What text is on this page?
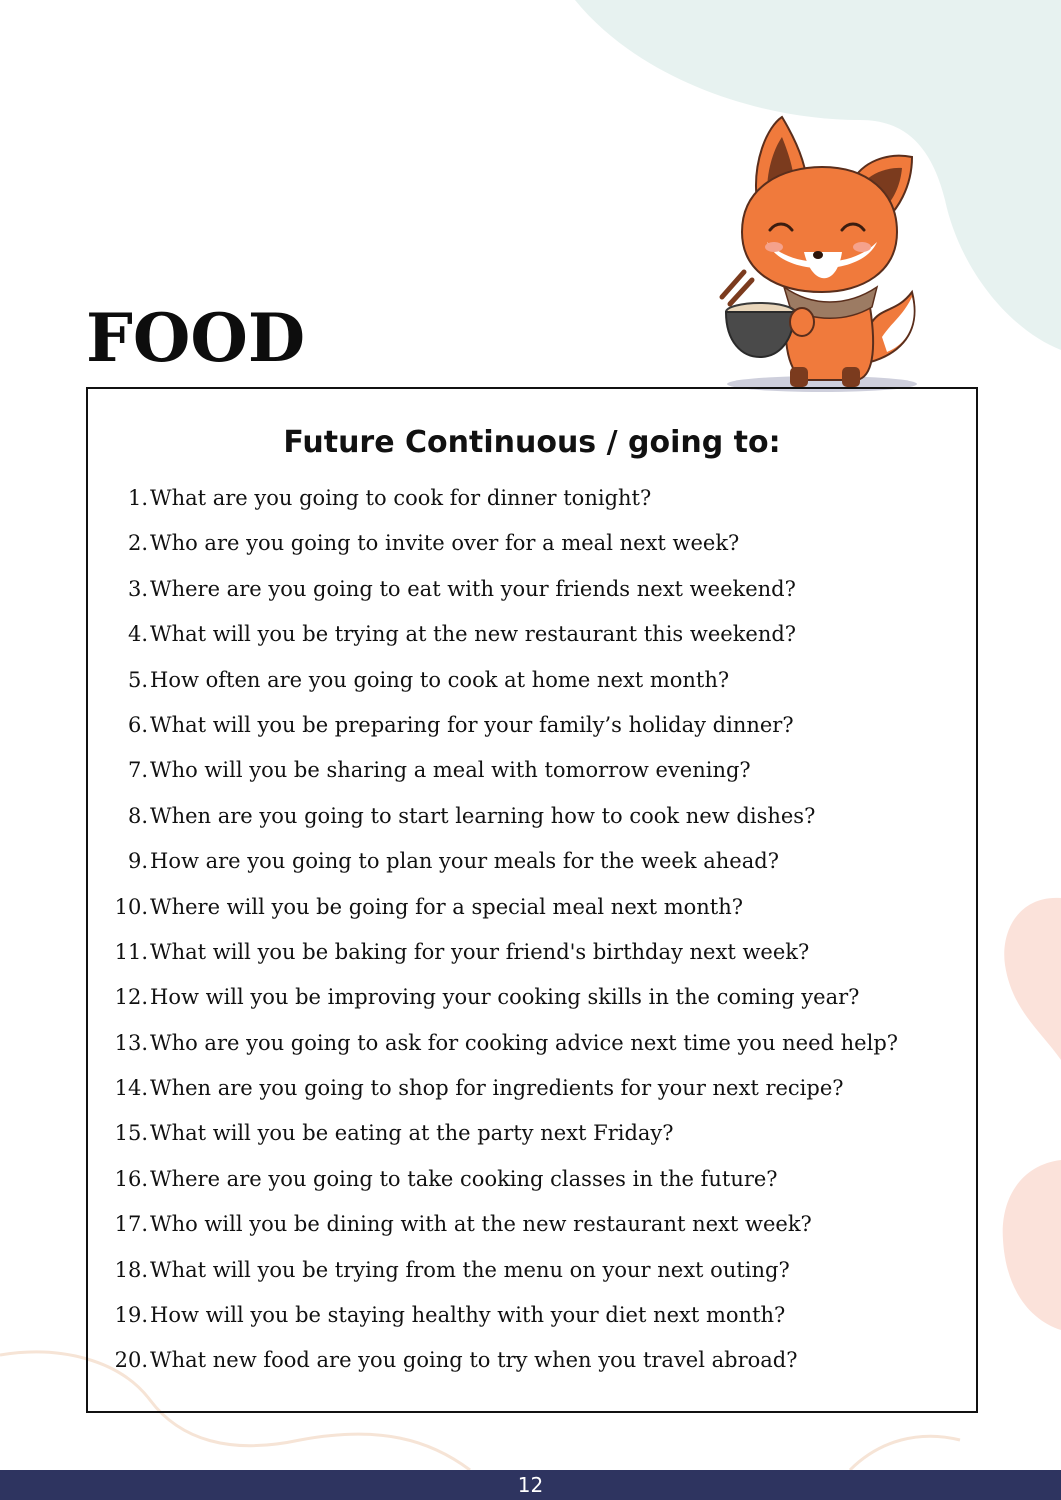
FOOD
Future Continuous / going to:
1. What are you going to cook for dinner tonight?
2. Who are you going to invite over for a meal next week?
3. Where are you going to eat with your friends next weekend?
4. What will you be trying at the new restaurant this weekend?
5. How often are you going to cook at home next month?
6. What will you be preparing for your family’s holiday dinner?
7. Who will you be sharing a meal with tomorrow evening?
8. When are you going to start learning how to cook new dishes?
9. How are you going to plan your meals for the week ahead?
10. Where will you be going for a special meal next month?
11. What will you be baking for your friend's birthday next week?
12. How will you be improving your cooking skills in the coming year?
13. Who are you going to ask for cooking advice next time you need help?
14. When are you going to shop for ingredients for your next recipe?
15. What will you be eating at the party next Friday?
16. Where are you going to take cooking classes in the future?
17. Who will you be dining with at the new restaurant next week?
18. What will you be trying from the menu on your next outing?
19. How will you be staying healthy with your diet next month?
20. What new food are you going to try when you travel abroad?
12
